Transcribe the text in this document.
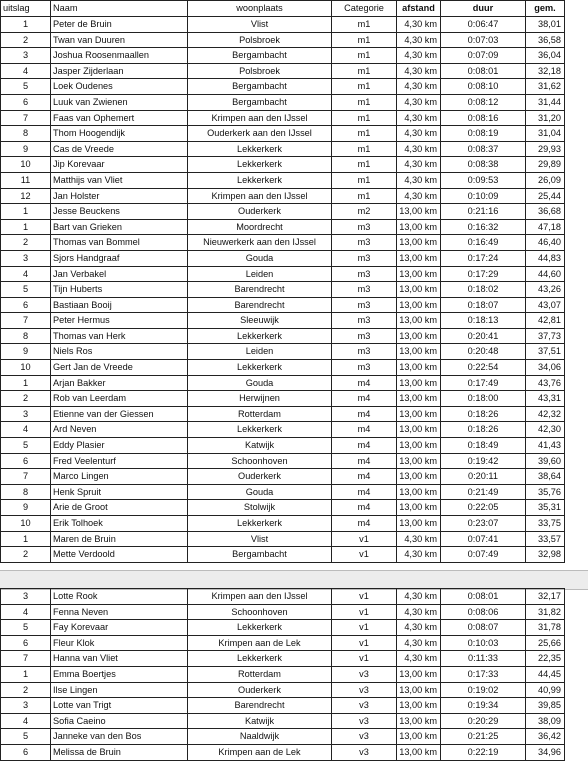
uitslag	Naam	woonplaats	Categorie	afstand	duur	gem.
1	Peter de Bruin	Vlist	m1	4,30 km	0:06:47	38,01
2	Twan van Duuren	Polsbroek	m1	4,30 km	0:07:03	36,58
3	Joshua Roosenmaallen	Bergambacht	m1	4,30 km	0:07:09	36,04
4	Jasper Zijderlaan	Polsbroek	m1	4,30 km	0:08:01	32,18
5	Loek Oudenes	Bergambacht	m1	4,30 km	0:08:10	31,62
6	Luuk van Zwienen	Bergambacht	m1	4,30 km	0:08:12	31,44
7	Faas van Ophemert	Krimpen aan den IJssel	m1	4,30 km	0:08:16	31,20
8	Thom Hoogendijk	Ouderkerk aan den IJssel	m1	4,30 km	0:08:19	31,04
9	Cas de Vreede	Lekkerkerk	m1	4,30 km	0:08:37	29,93
10	Jip Korevaar	Lekkerkerk	m1	4,30 km	0:08:38	29,89
11	Matthijs van Vliet	Lekkerkerk	m1	4,30 km	0:09:53	26,09
12	Jan Holster	Krimpen aan den IJssel	m1	4,30 km	0:10:09	25,44
1	Jesse Beuckens	Ouderkerk	m2	13,00 km	0:21:16	36,68
1	Bart van Grieken	Moordrecht	m3	13,00 km	0:16:32	47,18
2	Thomas van Bommel	Nieuwerkerk aan den IJssel	m3	13,00 km	0:16:49	46,40
3	Sjors Handgraaf	Gouda	m3	13,00 km	0:17:24	44,83
4	Jan Verbakel	Leiden	m3	13,00 km	0:17:29	44,60
5	Tijn Huberts	Barendrecht	m3	13,00 km	0:18:02	43,26
6	Bastiaan Booij	Barendrecht	m3	13,00 km	0:18:07	43,07
7	Peter Hermus	Sleeuwijk	m3	13,00 km	0:18:13	42,81
8	Thomas van Herk	Lekkerkerk	m3	13,00 km	0:20:41	37,73
9	Niels Ros	Leiden	m3	13,00 km	0:20:48	37,51
10	Gert Jan de Vreede	Lekkerkerk	m3	13,00 km	0:22:54	34,06
1	Arjan Bakker	Gouda	m4	13,00 km	0:17:49	43,76
2	Rob van Leerdam	Herwijnen	m4	13,00 km	0:18:00	43,31
3	Etienne van der Giessen	Rotterdam	m4	13,00 km	0:18:26	42,32
4	Ard Neven	Lekkerkerk	m4	13,00 km	0:18:26	42,30
5	Eddy Plasier	Katwijk	m4	13,00 km	0:18:49	41,43
6	Fred Veelenturf	Schoonhoven	m4	13,00 km	0:19:42	39,60
7	Marco Lingen	Ouderkerk	m4	13,00 km	0:20:11	38,64
8	Henk Spruit	Gouda	m4	13,00 km	0:21:49	35,76
9	Arie de Groot	Stolwijk	m4	13,00 km	0:22:05	35,31
10	Erik Tolhoek	Lekkerkerk	m4	13,00 km	0:23:07	33,75
1	Maren de Bruin	Vlist	v1	4,30 km	0:07:41	33,57
2	Mette Verdoold	Bergambacht	v1	4,30 km	0:07:49	32,98
3	Lotte Rook	Krimpen aan den IJssel	v1	4,30 km	0:08:01	32,17
4	Fenna Neven	Schoonhoven	v1	4,30 km	0:08:06	31,82
5	Fay Korevaar	Lekkerkerk	v1	4,30 km	0:08:07	31,78
6	Fleur Klok	Krimpen aan de Lek	v1	4,30 km	0:10:03	25,66
7	Hanna van Vliet	Lekkerkerk	v1	4,30 km	0:11:33	22,35
1	Emma Boertjes	Rotterdam	v3	13,00 km	0:17:33	44,45
2	Ilse Lingen	Ouderkerk	v3	13,00 km	0:19:02	40,99
3	Lotte van Trigt	Barendrecht	v3	13,00 km	0:19:34	39,85
4	Sofia Caeino	Katwijk	v3	13,00 km	0:20:29	38,09
5	Janneke van den Bos	Naaldwijk	v3	13,00 km	0:21:25	36,42
6	Melissa de Bruin	Krimpen aan de Lek	v3	13,00 km	0:22:19	34,96
